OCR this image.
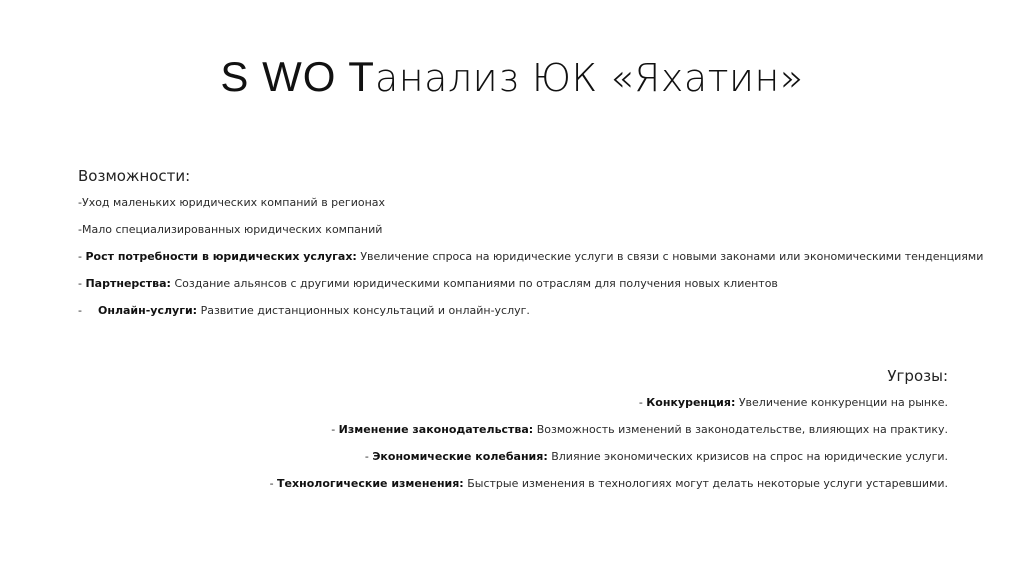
S WO Tанализ ЮК «Яхатин»
Возможности:
-Уход маленьких юридических компаний в регионах
-Мало специализированных юридических компаний
- Рост потребности в юридических услугах: Увеличение спроса на юридические услуги в связи с новыми законами или экономическими тенденциями
- Партнерства: Создание альянсов с другими юридическими компаниями по отраслям для получения новых клиентов
- Онлайн-услуги: Развитие дистанционных консультаций и онлайн-услуг.
Угрозы:
- Конкуренция: Увеличение конкуренции на рынке.
- Изменение законодательства: Возможность изменений в законодательстве, влияющих на практику.
- Экономические колебания: Влияние экономических кризисов на спрос на юридические услуги.
- Технологические изменения: Быстрые изменения в технологиях могут делать некоторые услуги устаревшими.
